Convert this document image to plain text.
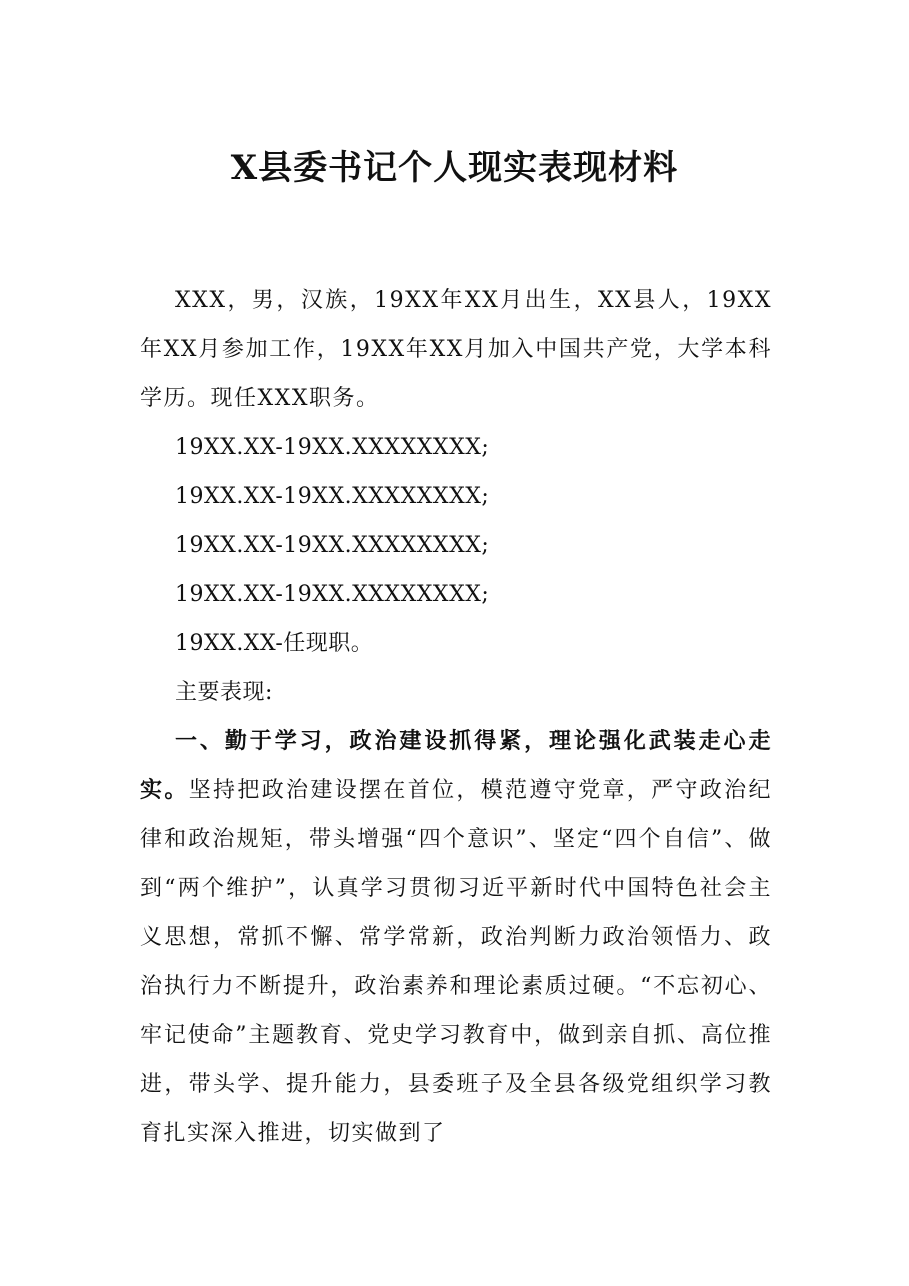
X县委书记个人现实表现材料

XXX，男，汉族，19XX年XX月出生，XX县人，19XX年XX月参加工作，19XX年XX月加入中国共产党，大学本科学历。现任XXX职务。

19XX.XX-19XX.XXXXXXXX;

19XX.XX-19XX.XXXXXXXX;

19XX.XX-19XX.XXXXXXXX;

19XX.XX-19XX.XXXXXXXX;

19XX.XX-任现职。

主要表现:

一、勤于学习，政治建设抓得紧，理论强化武装走心走实。坚持把政治建设摆在首位，模范遵守党章，严守政治纪律和政治规矩，带头增强“四个意识”、坚定“四个自信”、做到“两个维护”，认真学习贯彻习近平新时代中国特色社会主义思想，常抓不懈、常学常新，政治判断力政治领悟力、政治执行力不断提升，政治素养和理论素质过硬。“不忘初心、牢记使命”主题教育、党史学习教育中，做到亲自抓、高位推进，带头学、提升能力，县委班子及全县各级党组织学习教育扎实深入推进，切实做到了
